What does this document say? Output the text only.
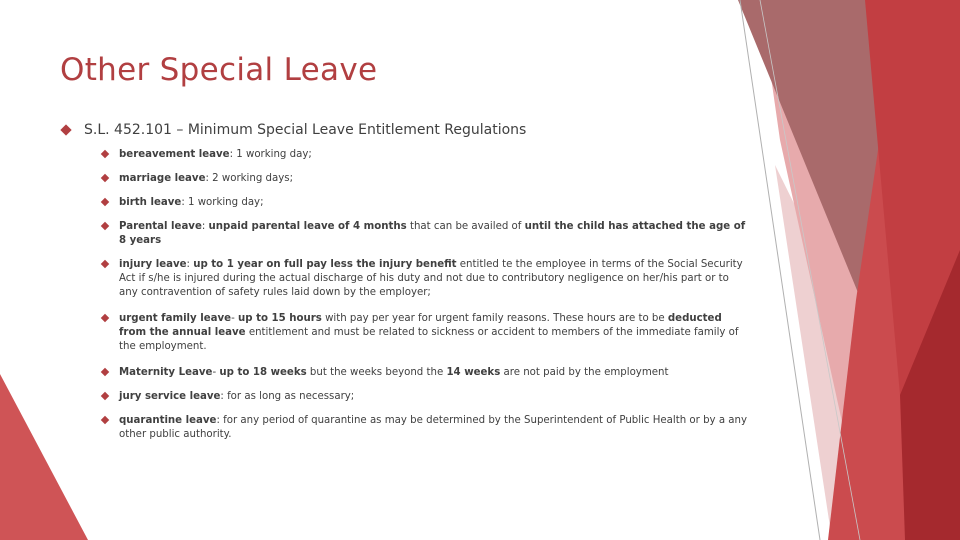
Other Special Leave
S.L. 452.101 – Minimum Special Leave Entitlement Regulations
bereavement leave: 1 working day;
marriage leave: 2 working days;
birth leave: 1 working day;
Parental leave: unpaid parental leave of 4 months that can be availed of until the child has attached the age of 8 years
injury leave: up to 1 year on full pay less the injury benefit entitled te the employee in terms of the Social Security Act if s/he is injured during the actual discharge of his duty and not due to contributory negligence on her/his part or to any contravention of safety rules laid down by the employer;
urgent family leave- up to 15 hours with pay per year for urgent family reasons. These hours are to be deducted from the annual leave entitlement and must be related to sickness or accident to members of the immediate family of the employment.
Maternity Leave- up to 18 weeks but the weeks beyond the 14 weeks are not paid by the employment
jury service leave: for as long as necessary;
quarantine leave: for any period of quarantine as may be determined by the Superintendent of Public Health or by a any other public authority.
